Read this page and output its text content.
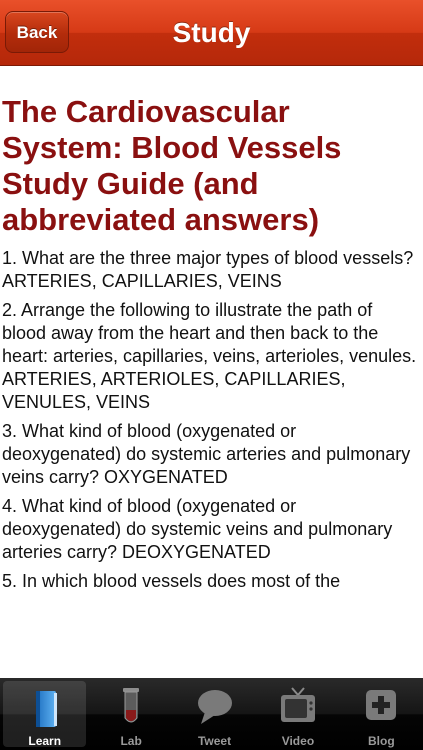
Back	Study
The Cardiovascular System: Blood Vessels Study Guide (and abbreviated answers)
1. What are the three major types of blood vessels? ARTERIES, CAPILLARIES, VEINS
2. Arrange the following to illustrate the path of blood away from the heart and then back to the heart: arteries, capillaries, veins, arterioles, venules. ARTERIES, ARTERIOLES, CAPILLARIES, VENULES, VEINS
3. What kind of blood (oxygenated or deoxygenated) do systemic arteries and pulmonary veins carry? OXYGENATED
4. What kind of blood (oxygenated or deoxygenated) do systemic veins and pulmonary arteries carry? DEOXYGENATED
5. In which blood vessels does most of the
Learn	Lab	Tweet	Video	Blog
